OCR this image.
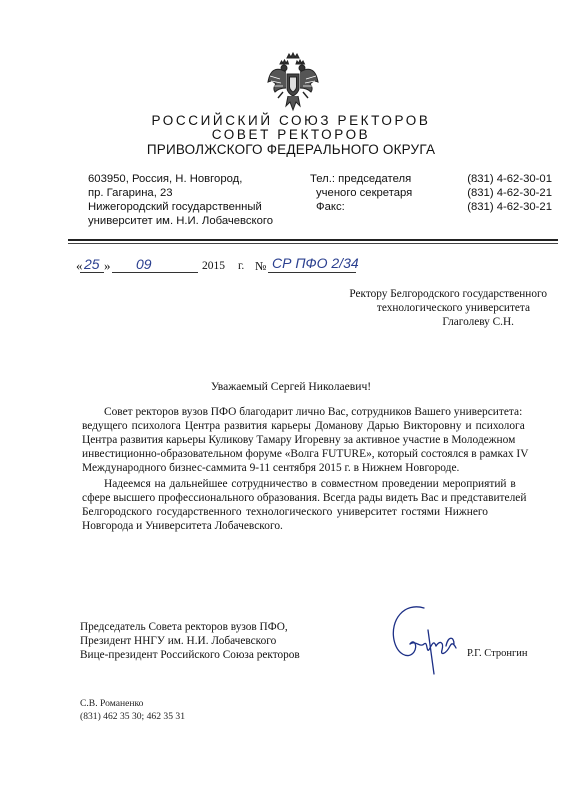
РОССИЙСКИЙ СОЮЗ РЕКТОРОВ
СОВЕТ РЕКТОРОВ
ПРИВОЛЖСКОГО ФЕДЕРАЛЬНОГО ОКРУГА
603950, Россия, Н. Новгород,
пр. Гагарина, 23
Нижегородский государственный
университет им. Н.И. Лобачевского
Тел.: председателя	(831) 4-62-30-01
ученого секретаря	(831) 4-62-30-21
Факс:	(831) 4-62-30-21
« 25 » 09	2015 г. № СР ПФО 2/34
Ректору Белгородского государственного
технологического университета
Глаголеву С.Н.
Уважаемый Сергей Николаевич!
Совет ректоров вузов ПФО благодарит лично Вас, сотрудников Вашего университета:
ведущего психолога Центра развития карьеры Доманову Дарью Викторовну и психолога
Центра развития карьеры Куликову Тамару Игоревну за активное участие в Молодежном
инвестиционно-образовательном форуме «Волга FUTURE», который состоялся в рамках IV
Международного бизнес-саммита 9-11 сентября 2015 г. в Нижнем Новгороде.
Надеемся на дальнейшее сотрудничество в совместном проведении мероприятий в
сфере высшего профессионального образования. Всегда рады видеть Вас и представителей
Белгородского государственного технологического университет гостями Нижнего
Новгорода и Университета Лобачевского.
Председатель Совета ректоров вузов ПФО,
Президент ННГУ им. Н.И. Лобачевского
Вице-президент Российского Союза ректоров	Р.Г. Стронгин
С.В. Романенко
(831) 462 35 30; 462 35 31
